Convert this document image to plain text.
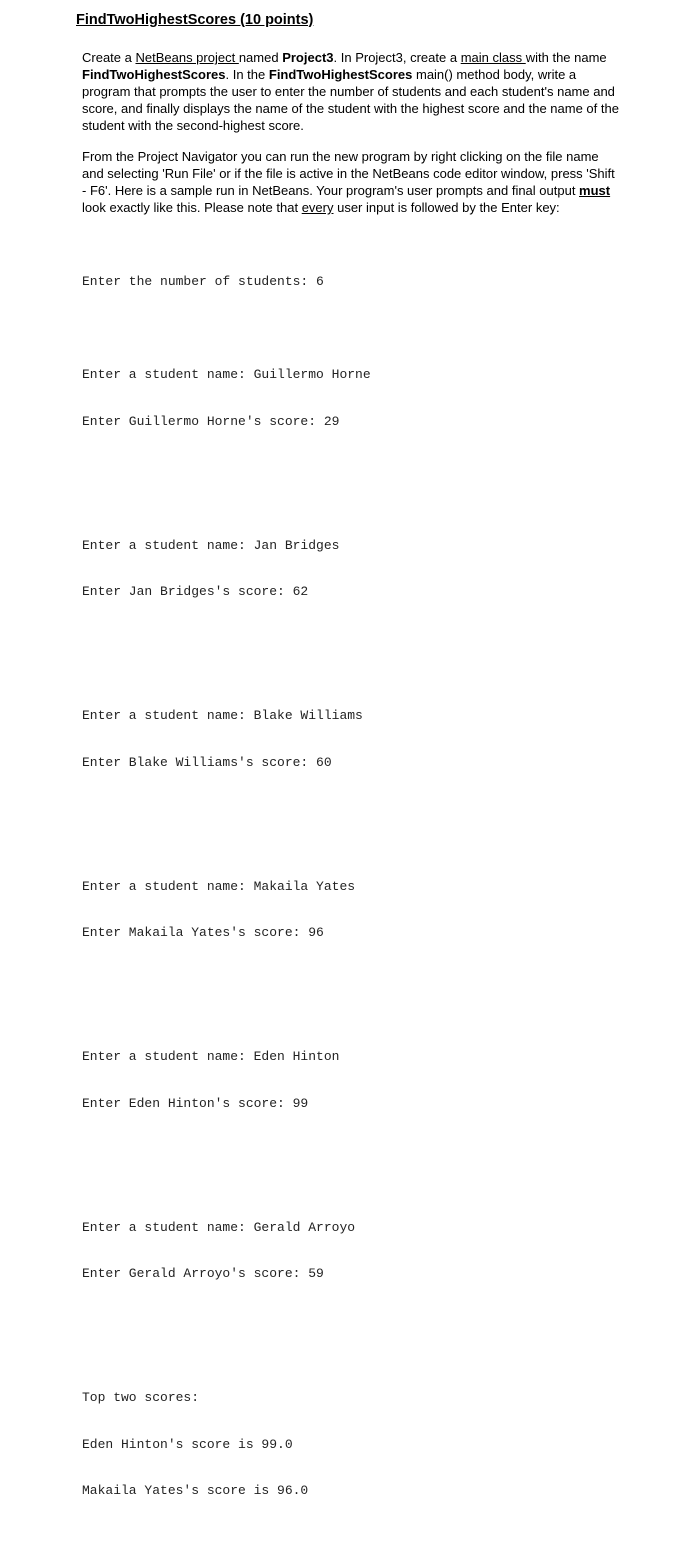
FindTwoHighestScores (10 points)
Create a NetBeans project named Project3. In Project3, create a main class with the name FindTwoHighestScores. In the FindTwoHighestScores main() method body, write a program that prompts the user to enter the number of students and each student's name and score, and finally displays the name of the student with the highest score and the name of the student with the second-highest score.
From the Project Navigator you can run the new program by right clicking on the file name and selecting 'Run File' or if the file is active in the NetBeans code editor window, press 'Shift - F6'. Here is a sample run in NetBeans. Your program's user prompts and final output must look exactly like this. Please note that every user input is followed by the Enter key:

Enter the number of students: 6

Enter a student name: Guillermo Horne

Enter Guillermo Horne's score: 29

Enter a student name: Jan Bridges

Enter Jan Bridges's score: 62

Enter a student name: Blake Williams

Enter Blake Williams's score: 60

Enter a student name: Makaila Yates

Enter Makaila Yates's score: 96

Enter a student name: Eden Hinton

Enter Eden Hinton's score: 99

Enter a student name: Gerald Arroyo

Enter Gerald Arroyo's score: 59

Top two scores:

Eden Hinton's score is 99.0

Makaila Yates's score is 96.0
